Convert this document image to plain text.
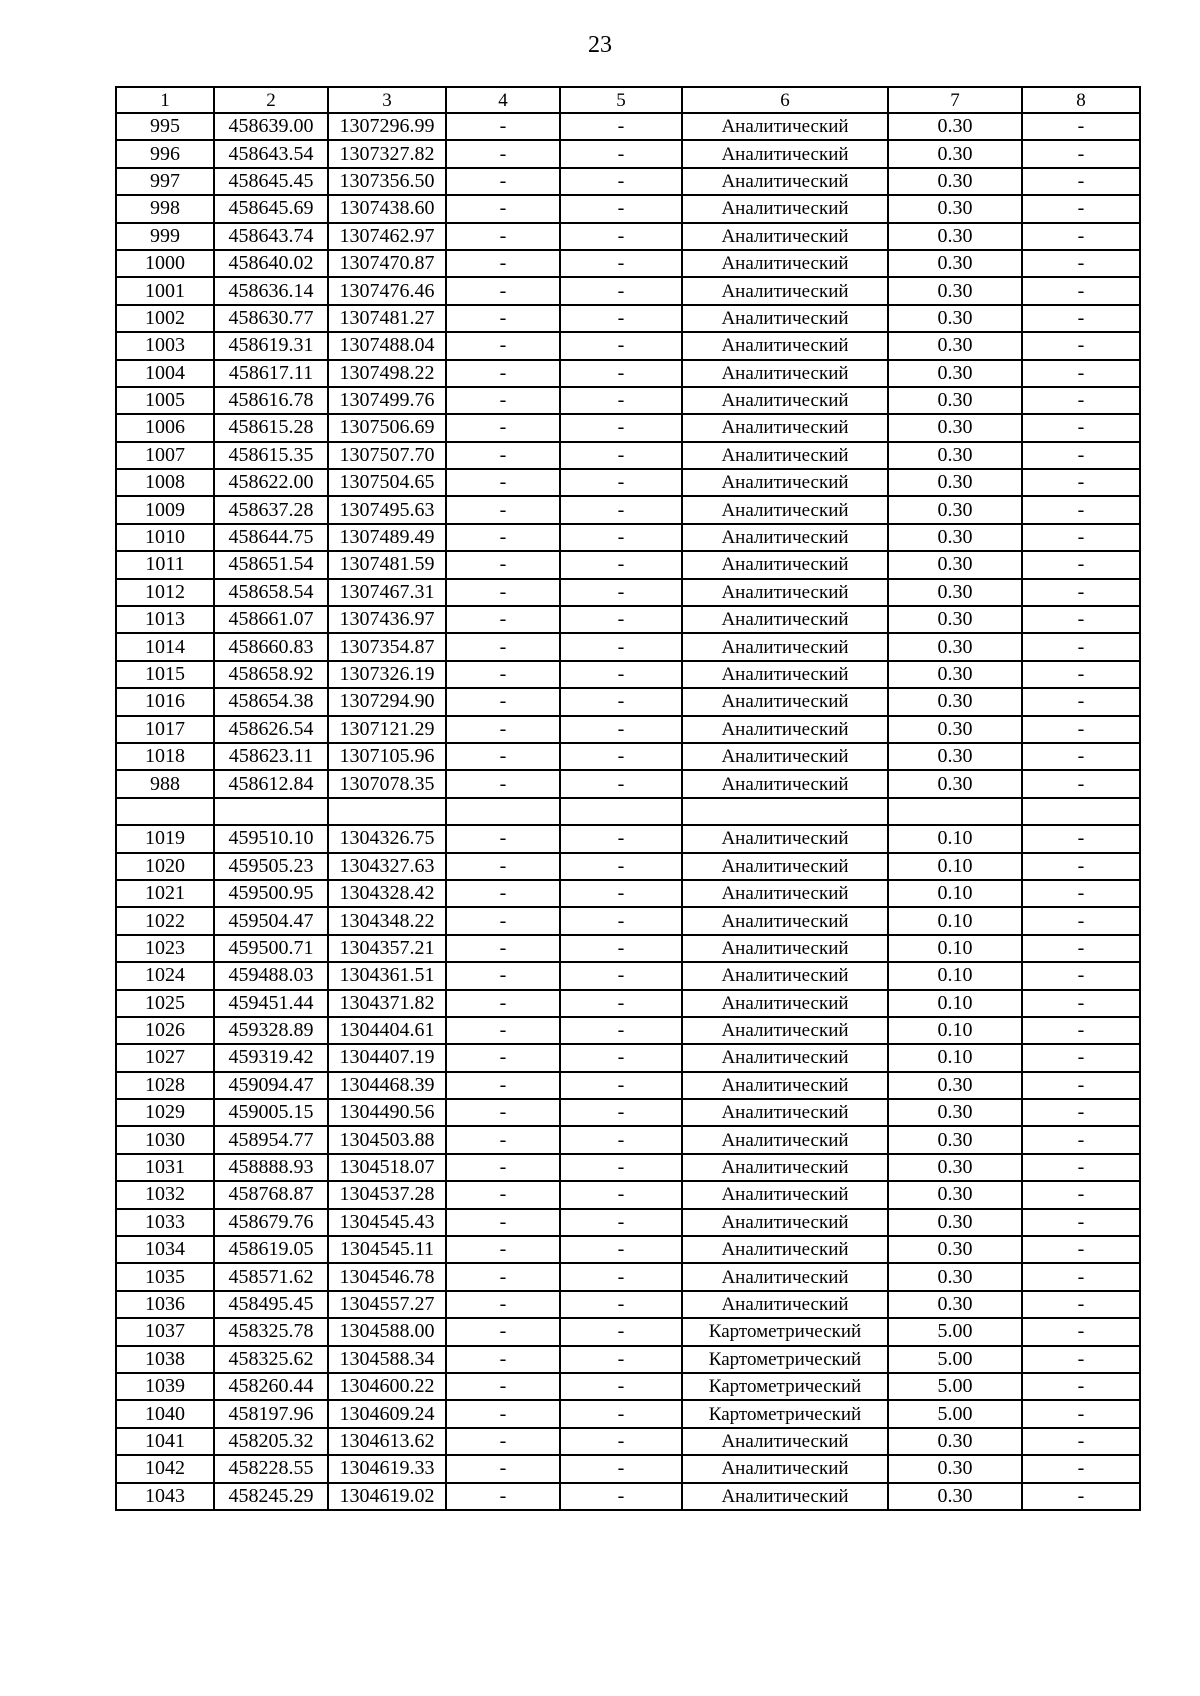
23
1	2	3	4	5	6	7	8
995	458639.00	1307296.99	-	-	Аналитический	0.30	-
996	458643.54	1307327.82	-	-	Аналитический	0.30	-
997	458645.45	1307356.50	-	-	Аналитический	0.30	-
998	458645.69	1307438.60	-	-	Аналитический	0.30	-
999	458643.74	1307462.97	-	-	Аналитический	0.30	-
1000	458640.02	1307470.87	-	-	Аналитический	0.30	-
1001	458636.14	1307476.46	-	-	Аналитический	0.30	-
1002	458630.77	1307481.27	-	-	Аналитический	0.30	-
1003	458619.31	1307488.04	-	-	Аналитический	0.30	-
1004	458617.11	1307498.22	-	-	Аналитический	0.30	-
1005	458616.78	1307499.76	-	-	Аналитический	0.30	-
1006	458615.28	1307506.69	-	-	Аналитический	0.30	-
1007	458615.35	1307507.70	-	-	Аналитический	0.30	-
1008	458622.00	1307504.65	-	-	Аналитический	0.30	-
1009	458637.28	1307495.63	-	-	Аналитический	0.30	-
1010	458644.75	1307489.49	-	-	Аналитический	0.30	-
1011	458651.54	1307481.59	-	-	Аналитический	0.30	-
1012	458658.54	1307467.31	-	-	Аналитический	0.30	-
1013	458661.07	1307436.97	-	-	Аналитический	0.30	-
1014	458660.83	1307354.87	-	-	Аналитический	0.30	-
1015	458658.92	1307326.19	-	-	Аналитический	0.30	-
1016	458654.38	1307294.90	-	-	Аналитический	0.30	-
1017	458626.54	1307121.29	-	-	Аналитический	0.30	-
1018	458623.11	1307105.96	-	-	Аналитический	0.30	-
988	458612.84	1307078.35	-	-	Аналитический	0.30	-

1019	459510.10	1304326.75	-	-	Аналитический	0.10	-
1020	459505.23	1304327.63	-	-	Аналитический	0.10	-
1021	459500.95	1304328.42	-	-	Аналитический	0.10	-
1022	459504.47	1304348.22	-	-	Аналитический	0.10	-
1023	459500.71	1304357.21	-	-	Аналитический	0.10	-
1024	459488.03	1304361.51	-	-	Аналитический	0.10	-
1025	459451.44	1304371.82	-	-	Аналитический	0.10	-
1026	459328.89	1304404.61	-	-	Аналитический	0.10	-
1027	459319.42	1304407.19	-	-	Аналитический	0.10	-
1028	459094.47	1304468.39	-	-	Аналитический	0.30	-
1029	459005.15	1304490.56	-	-	Аналитический	0.30	-
1030	458954.77	1304503.88	-	-	Аналитический	0.30	-
1031	458888.93	1304518.07	-	-	Аналитический	0.30	-
1032	458768.87	1304537.28	-	-	Аналитический	0.30	-
1033	458679.76	1304545.43	-	-	Аналитический	0.30	-
1034	458619.05	1304545.11	-	-	Аналитический	0.30	-
1035	458571.62	1304546.78	-	-	Аналитический	0.30	-
1036	458495.45	1304557.27	-	-	Аналитический	0.30	-
1037	458325.78	1304588.00	-	-	Картометрический	5.00	-
1038	458325.62	1304588.34	-	-	Картометрический	5.00	-
1039	458260.44	1304600.22	-	-	Картометрический	5.00	-
1040	458197.96	1304609.24	-	-	Картометрический	5.00	-
1041	458205.32	1304613.62	-	-	Аналитический	0.30	-
1042	458228.55	1304619.33	-	-	Аналитический	0.30	-
1043	458245.29	1304619.02	-	-	Аналитический	0.30	-
